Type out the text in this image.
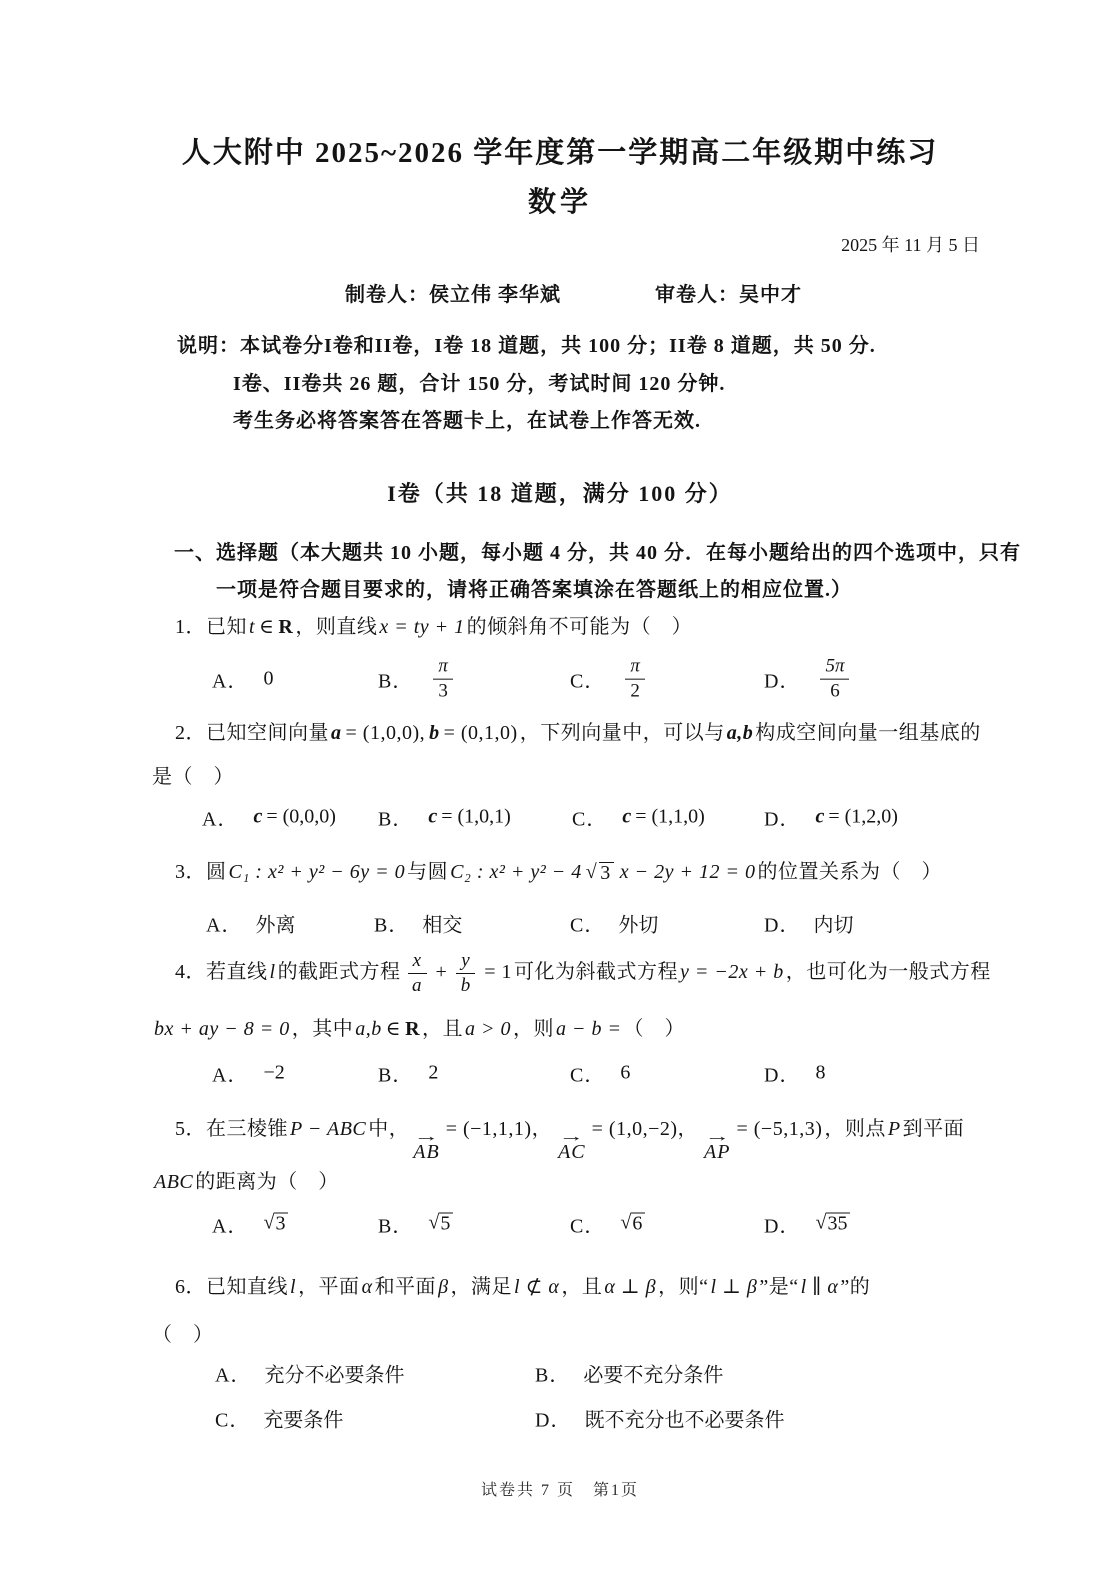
人大附中 2025~2026 学年度第一学期高二年级期中练习
数学
2025 年 11 月 5 日
制卷人：侯立伟 李华斌	审卷人：吴中才
说明：本试卷分I卷和II卷，I卷 18 道题，共 100 分；II卷 8 道题，共 50 分.
I卷、II卷共 26 题，合计 150 分，考试时间 120 分钟.
考生务必将答案答在答题卡上，在试卷上作答无效.
I卷（共 18 道题，满分 100 分）
一、选择题（本大题共 10 小题，每小题 4 分，共 40 分．在每小题给出的四个选项中，只有
一项是符合题目要求的，请将正确答案填涂在答题纸上的相应位置.）
1．已知 t ∈ R ，则直线 x = ty + 1 的倾斜角不可能为（　）
A． 0	B． $\frac{\pi}{3}$	C． $\frac{\pi}{2}$	D． $\frac{5\pi}{6}$
2．已知空间向量 a = (1,0,0), b = (0,1,0) ，下列向量中，可以与 a,b 构成空间向量一组基底的
是（　）
A． c = (0,0,0) B． c = (1,0,1)	C． c = (1,1,0)	D． c = (1,2,0)
3．圆 C₁ : x² + y² − 6y = 0 与圆 C₂ : x² + y² − 4 √ 3 x − 2y + 12 = 0 的位置关系为（　）
A． 外离	B． 相交	C． 外切	D． 内切
4．若直线 l 的截距式方程 $\frac{x}{a} + \frac{y}{b} = 1$ 可化为斜截式方程 y = −2x + b ，也可化为一般式方程
bx + ay − 8 = 0 ，其中 a,b ∈ R ，且 a > 0 ，则 a − b = （　）
A． −2	B． 2	C． 6	D． 8
5．在三棱锥 P − ABC 中， →
AB
= (−1,1,1)， →
AC
= (1,0,−2)， →
AP
= (−5,1,3) ，则点 P 到平面
ABC 的距离为（　）
A． √ 3	B． √ 5	C． √ 6	D． √ 35
6．已知直线 l ，平面 α 和平面 β ，满足 l ⊄ α ，且 α ⊥ β ，则“ l ⊥ β ”是“ l ∥ α ”的
（　）
A． 充分不必要条件	B． 必要不充分条件
C． 充要条件	D． 既不充分也不必要条件
试卷共 7 页　第1页
